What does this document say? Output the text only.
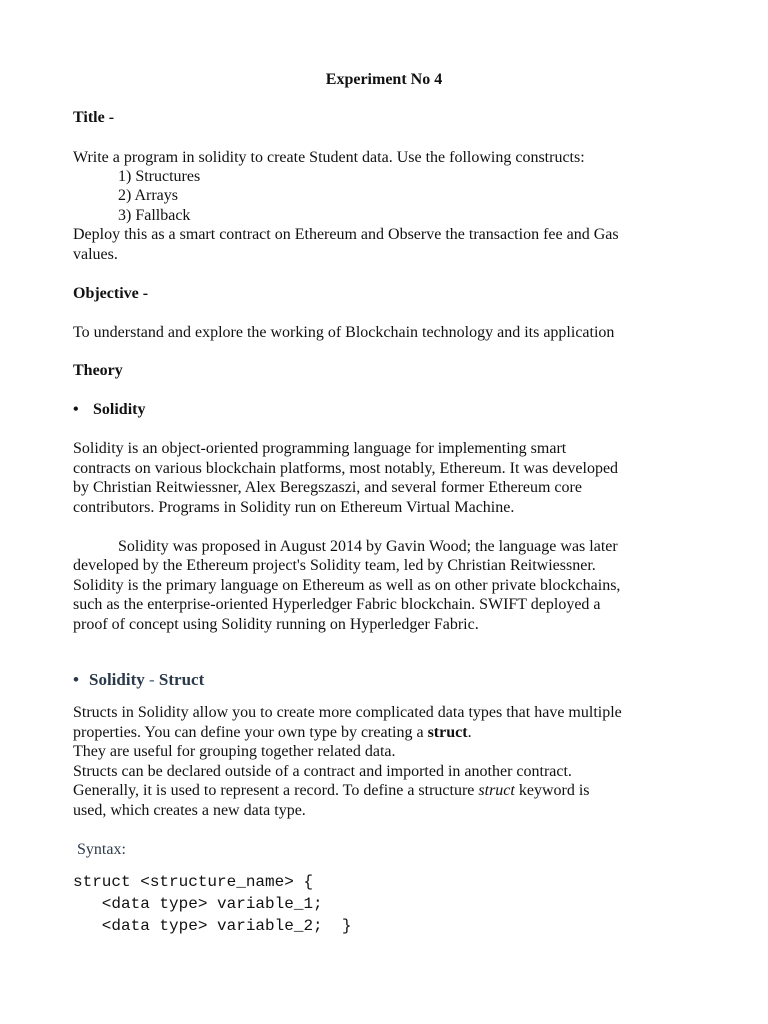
Experiment No 4
Title -
Write a program in solidity to create Student data. Use the following constructs:
1) Structures
2) Arrays
3) Fallback
Deploy this as a smart contract on Ethereum and Observe the transaction fee and Gas
values.
Objective -
To understand and explore the working of Blockchain technology and its application
Theory
• Solidity
Solidity is an object-oriented programming language for implementing smart
contracts on various blockchain platforms, most notably, Ethereum. It was developed
by Christian Reitwiessner, Alex Beregszaszi, and several former Ethereum core
contributors. Programs in Solidity run on Ethereum Virtual Machine.
Solidity was proposed in August 2014 by Gavin Wood; the language was later
developed by the Ethereum project's Solidity team, led by Christian Reitwiessner.
Solidity is the primary language on Ethereum as well as on other private blockchains,
such as the enterprise-oriented Hyperledger Fabric blockchain. SWIFT deployed a
proof of concept using Solidity running on Hyperledger Fabric.
• Solidity - Struct
Structs in Solidity allow you to create more complicated data types that have multiple
properties. You can define your own type by creating a struct.
They are useful for grouping together related data.
Structs can be declared outside of a contract and imported in another contract.
Generally, it is used to represent a record. To define a structure struct keyword is
used, which creates a new data type.
Syntax:
struct <structure_name> {
<data type> variable_1;
<data type> variable_2;  }
